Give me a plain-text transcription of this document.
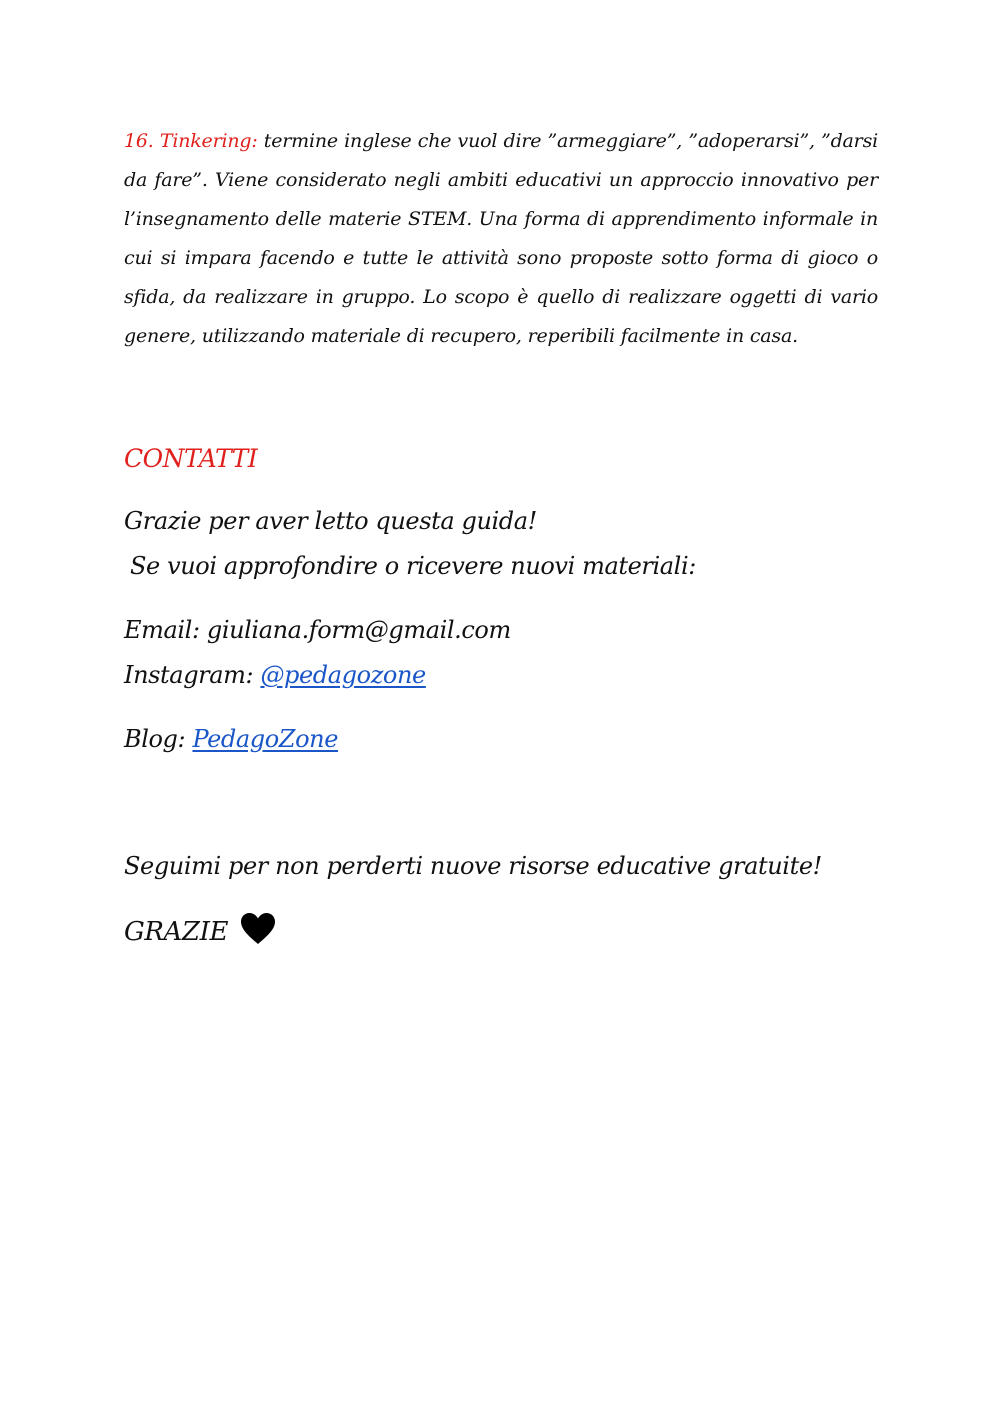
16. Tinkering: termine inglese che vuol dire ”armeggiare”, ”adoperarsi”, ”darsi da fare”. Viene considerato negli ambiti educativi un approccio innovativo per l’insegnamento delle materie STEM. Una forma di apprendimento informale in cui si impara facendo e tutte le attività sono proposte sotto forma di gioco o sfida, da realizzare in gruppo. Lo scopo è quello di realizzare oggetti di vario genere, utilizzando materiale di recupero, reperibili facilmente in casa.

CONTATTI
Grazie per aver letto questa guida!
Se vuoi approfondire o ricevere nuovi materiali:
Email: giuliana.form@gmail.com
Instagram: @pedagozone
Blog: PedagoZone
Seguimi per non perderti nuove risorse educative gratuite!
GRAZIE
